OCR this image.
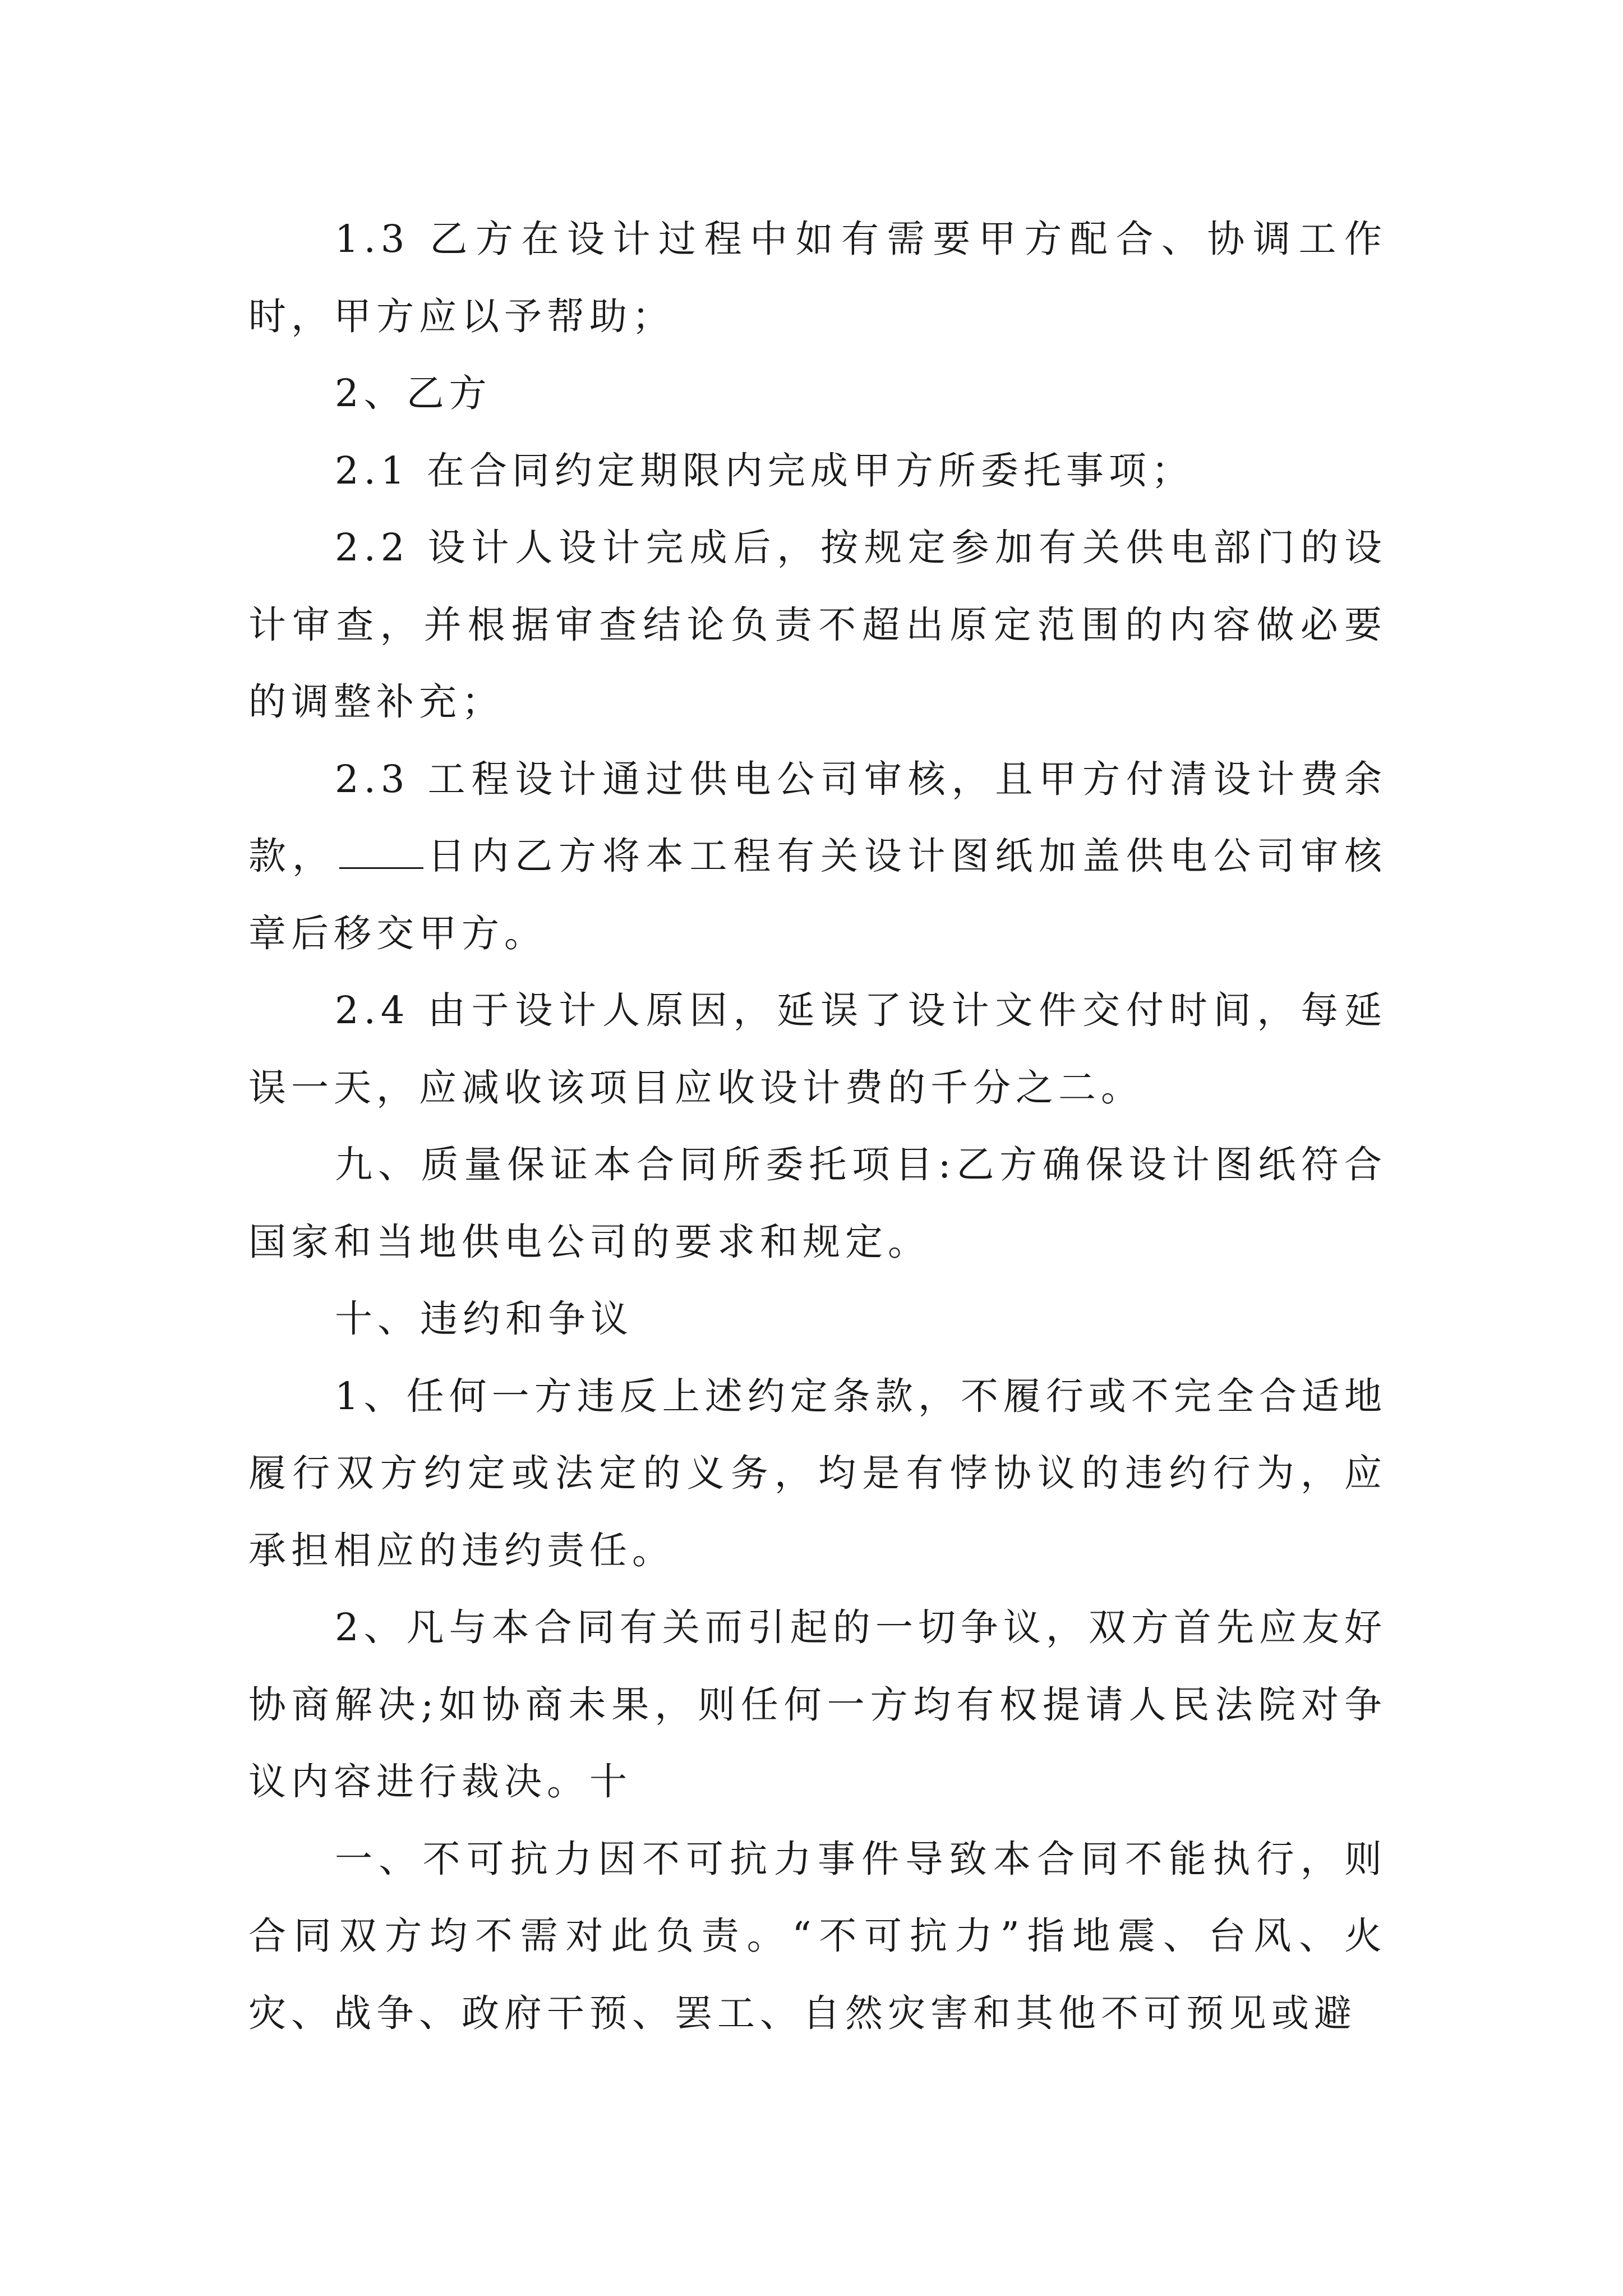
1.3 乙方在设计过程中如有需要甲方配合、协调工作时，甲方应以予帮助；

2、乙方

2.1 在合同约定期限内完成甲方所委托事项；

2.2 设计人设计完成后，按规定参加有关供电部门的设计审查，并根据审查结论负责不超出原定范围的内容做必要的调整补充；

2.3 工程设计通过供电公司审核，且甲方付清设计费余款， 日内乙方将本工程有关设计图纸加盖供电公司审核章后移交甲方。

2.4 由于设计人原因，延误了设计文件交付时间，每延误一天，应减收该项目应收设计费的千分之二。

九、质量保证本合同所委托项目:乙方确保设计图纸符合国家和当地供电公司的要求和规定。

十、违约和争议

1、任何一方违反上述约定条款，不履行或不完全合适地履行双方约定或法定的义务，均是有悖协议的违约行为，应承担相应的违约责任。

2、凡与本合同有关而引起的一切争议，双方首先应友好协商解决;如协商未果，则任何一方均有权提请人民法院对争议内容进行裁决。十

一、不可抗力因不可抗力事件导致本合同不能执行，则合同双方均不需对此负责。“不可抗力”指地震、台风、火灾、战争、政府干预、罢工、自然灾害和其他不可预见或避
